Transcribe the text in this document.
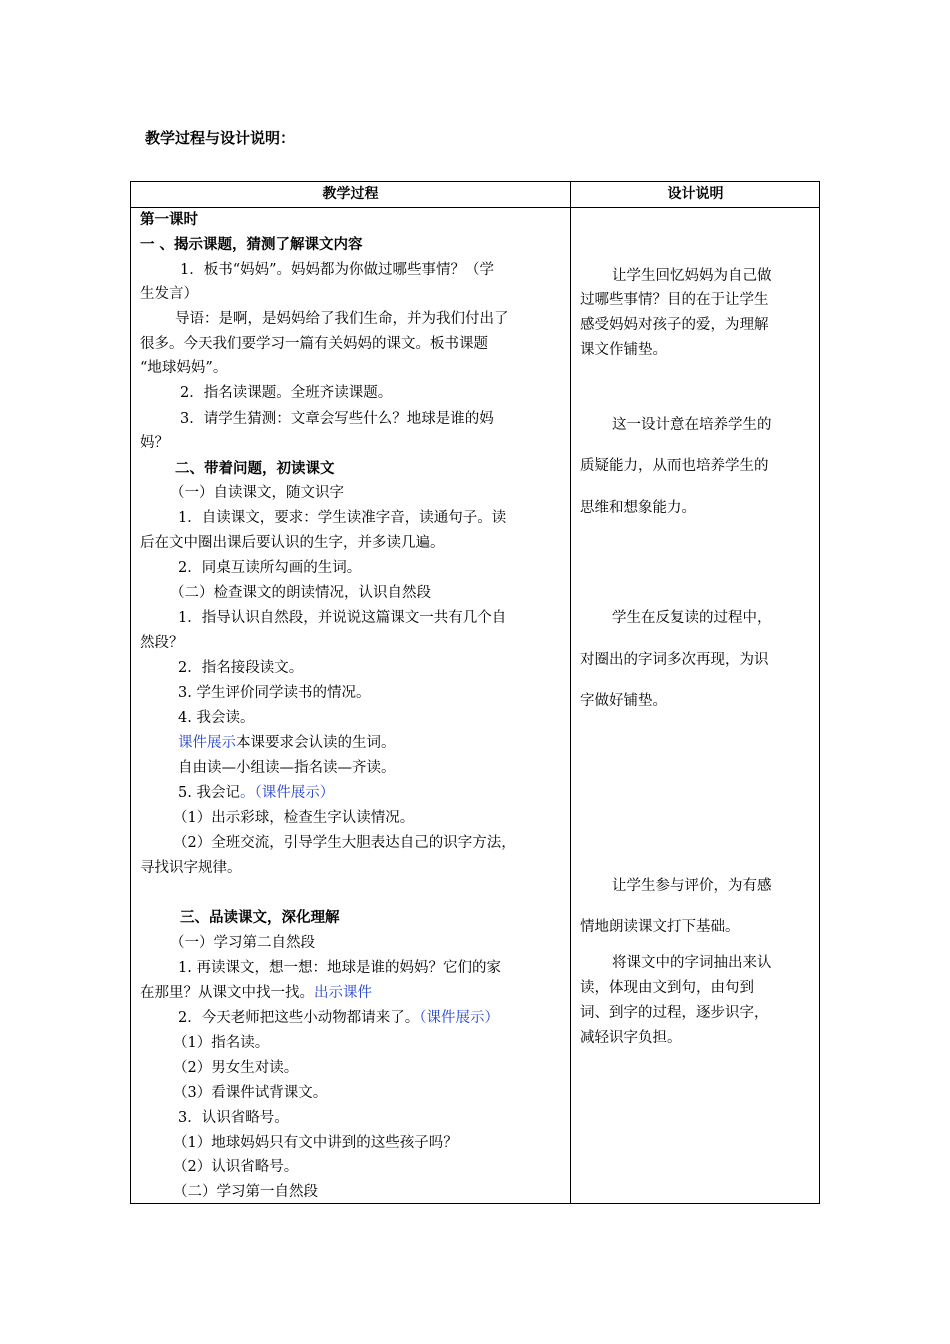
教学过程与设计说明：
教学过程	设计说明
第一课时
一 、揭示课题，猜测了解课文内容
1．板书“妈妈”。妈妈都为你做过哪些事情？（学
生发言）
导语：是啊，是妈妈给了我们生命，并为我们付出了
很多。今天我们要学习一篇有关妈妈的课文。板书课题
“地球妈妈”。
2．指名读课题。全班齐读课题。
3．请学生猜测：文章会写些什么？地球是谁的妈
妈？
二、带着问题，初读课文
（一）自读课文，随文识字
1．自读课文，要求：学生读准字音，读通句子。读
后在文中圈出课后要认识的生字，并多读几遍。
2．同桌互读所勾画的生词。
（二）检查课文的朗读情况，认识自然段
1．指导认识自然段，并说说这篇课文一共有几个自
然段？
2．指名接段读文。
3. 学生评价同学读书的情况。
4. 我会读。
课件展示本课要求会认读的生词。
自由读—小组读—指名读—齐读。
5. 我会记。（课件展示）
（1）出示彩球，检查生字认读情况。
（2）全班交流，引导学生大胆表达自己的识字方法，
寻找识字规律。
三、品读课文，深化理解
（一）学习第二自然段
1. 再读课文，想一想：地球是谁的妈妈？它们的家
在那里？从课文中找一找。出示课件
2．今天老师把这些小动物都请来了。（课件展示）
（1）指名读。
（2）男女生对读。
（3）看课件试背课文。
3．认识省略号。
（1）地球妈妈只有文中讲到的这些孩子吗？
（2）认识省略号。
（二）学习第一自然段
让学生回忆妈妈为自己做
过哪些事情？目的在于让学生
感受妈妈对孩子的爱，为理解
课文作铺垫。
这一设计意在培养学生的
质疑能力，从而也培养学生的
思维和想象能力。
学生在反复读的过程中，
对圈出的字词多次再现，为识
字做好铺垫。
让学生参与评价，为有感
情地朗读课文打下基础。
将课文中的字词抽出来认
读，体现由文到句，由句到
词、到字的过程，逐步识字，
减轻识字负担。
